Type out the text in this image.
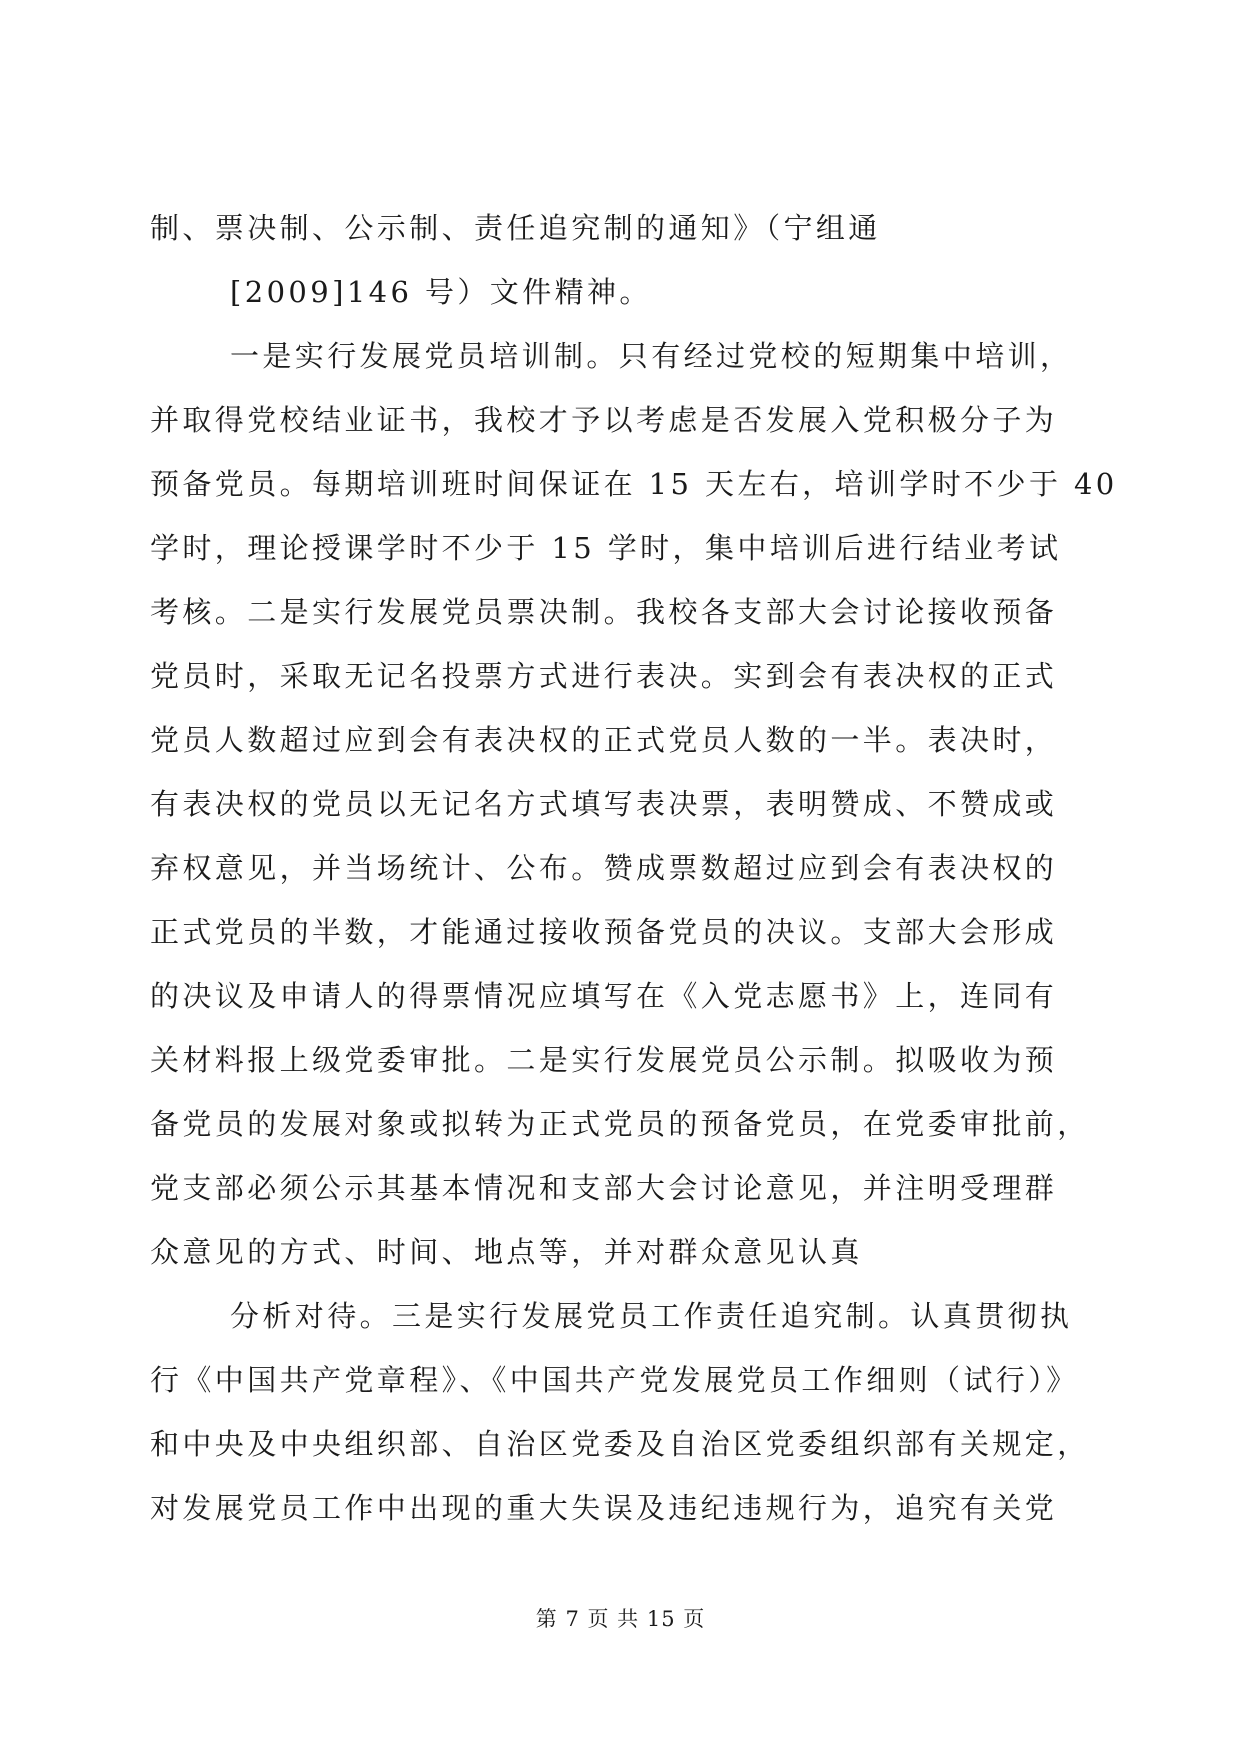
制、票决制、公示制、责任追究制的通知》（宁组通
[2009]146 号）文件精神。
一是实行发展党员培训制。只有经过党校的短期集中培训，
并取得党校结业证书，我校才予以考虑是否发展入党积极分子为
预备党员。每期培训班时间保证在 15 天左右，培训学时不少于 40
学时，理论授课学时不少于 15 学时，集中培训后进行结业考试
考核。二是实行发展党员票决制。我校各支部大会讨论接收预备
党员时，采取无记名投票方式进行表决。实到会有表决权的正式
党员人数超过应到会有表决权的正式党员人数的一半。表决时，
有表决权的党员以无记名方式填写表决票，表明赞成、不赞成或
弃权意见，并当场统计、公布。赞成票数超过应到会有表决权的
正式党员的半数，才能通过接收预备党员的决议。支部大会形成
的决议及申请人的得票情况应填写在《入党志愿书》上，连同有
关材料报上级党委审批。二是实行发展党员公示制。拟吸收为预
备党员的发展对象或拟转为正式党员的预备党员，在党委审批前，
党支部必须公示其基本情况和支部大会讨论意见，并注明受理群
众意见的方式、时间、地点等，并对群众意见认真
分析对待。三是实行发展党员工作责任追究制。认真贯彻执
行《中国共产党章程》、《中国共产党发展党员工作细则（试行）》
和中央及中央组织部、自治区党委及自治区党委组织部有关规定，
对发展党员工作中出现的重大失误及违纪违规行为，追究有关党
第 7 页 共 15 页
